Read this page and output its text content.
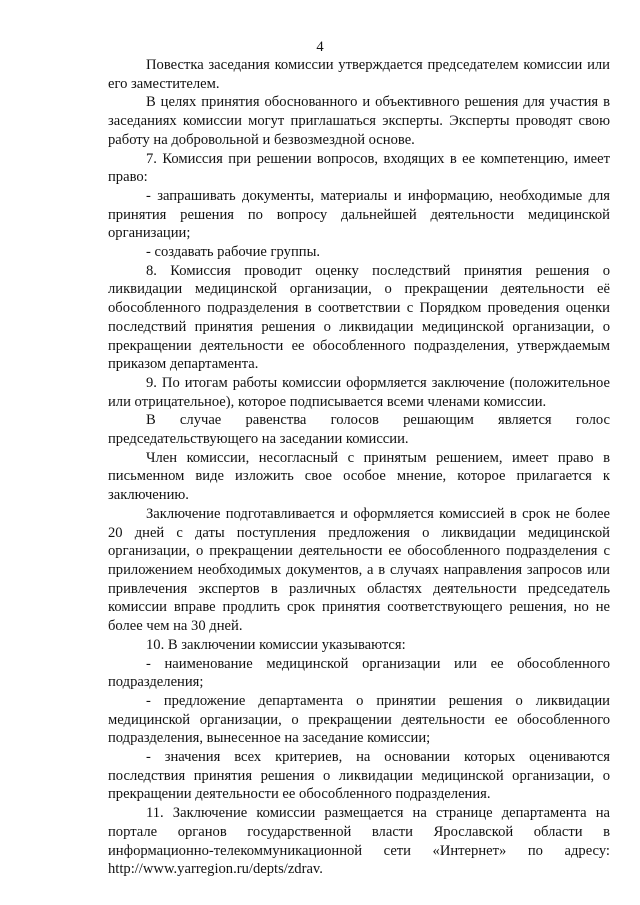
4

Повестка заседания комиссии утверждается председателем комиссии или его заместителем.

В целях принятия обоснованного и объективного решения для участия в заседаниях комиссии могут приглашаться эксперты. Эксперты проводят свою работу на добровольной и безвозмездной основе.

7. Комиссия при решении вопросов, входящих в ее компетенцию, имеет право:

- запрашивать документы, материалы и информацию, необходимые для принятия решения по вопросу дальнейшей деятельности медицинской организации;

- создавать рабочие группы.

8. Комиссия проводит оценку последствий принятия решения о ликвидации медицинской организации, о прекращении деятельности её обособленного подразделения в соответствии с Порядком проведения оценки последствий принятия решения о ликвидации медицинской организации, о прекращении деятельности ее обособленного подразделения, утверждаемым приказом департамента.

9. По итогам работы комиссии оформляется заключение (положительное или отрицательное), которое подписывается всеми членами комиссии.

В случае равенства голосов решающим является голос председательствующего на заседании комиссии.

Член комиссии, несогласный с принятым решением, имеет право в письменном виде изложить свое особое мнение, которое прилагается к заключению.

Заключение подготавливается и оформляется комиссией в срок не более 20 дней с даты поступления предложения о ликвидации медицинской организации, о прекращении деятельности ее обособленного подразделения с приложением необходимых документов, а в случаях направления запросов или привлечения экспертов в различных областях деятельности председатель комиссии вправе продлить срок принятия соответствующего решения, но не более чем на 30 дней.

10. В заключении комиссии указываются:

- наименование медицинской организации или ее обособленного подразделения;

- предложение департамента о принятии решения о ликвидации медицинской организации, о прекращении деятельности ее обособленного подразделения, вынесенное на заседание комиссии;

- значения всех критериев, на основании которых оцениваются последствия принятия решения о ликвидации медицинской организации, о прекращении деятельности ее обособленного подразделения.

11. Заключение комиссии размещается на странице департамента на портале органов государственной власти Ярославской области в информационно-телекоммуникационной сети «Интернет» по адресу: http://www.yarregion.ru/depts/zdrav.
